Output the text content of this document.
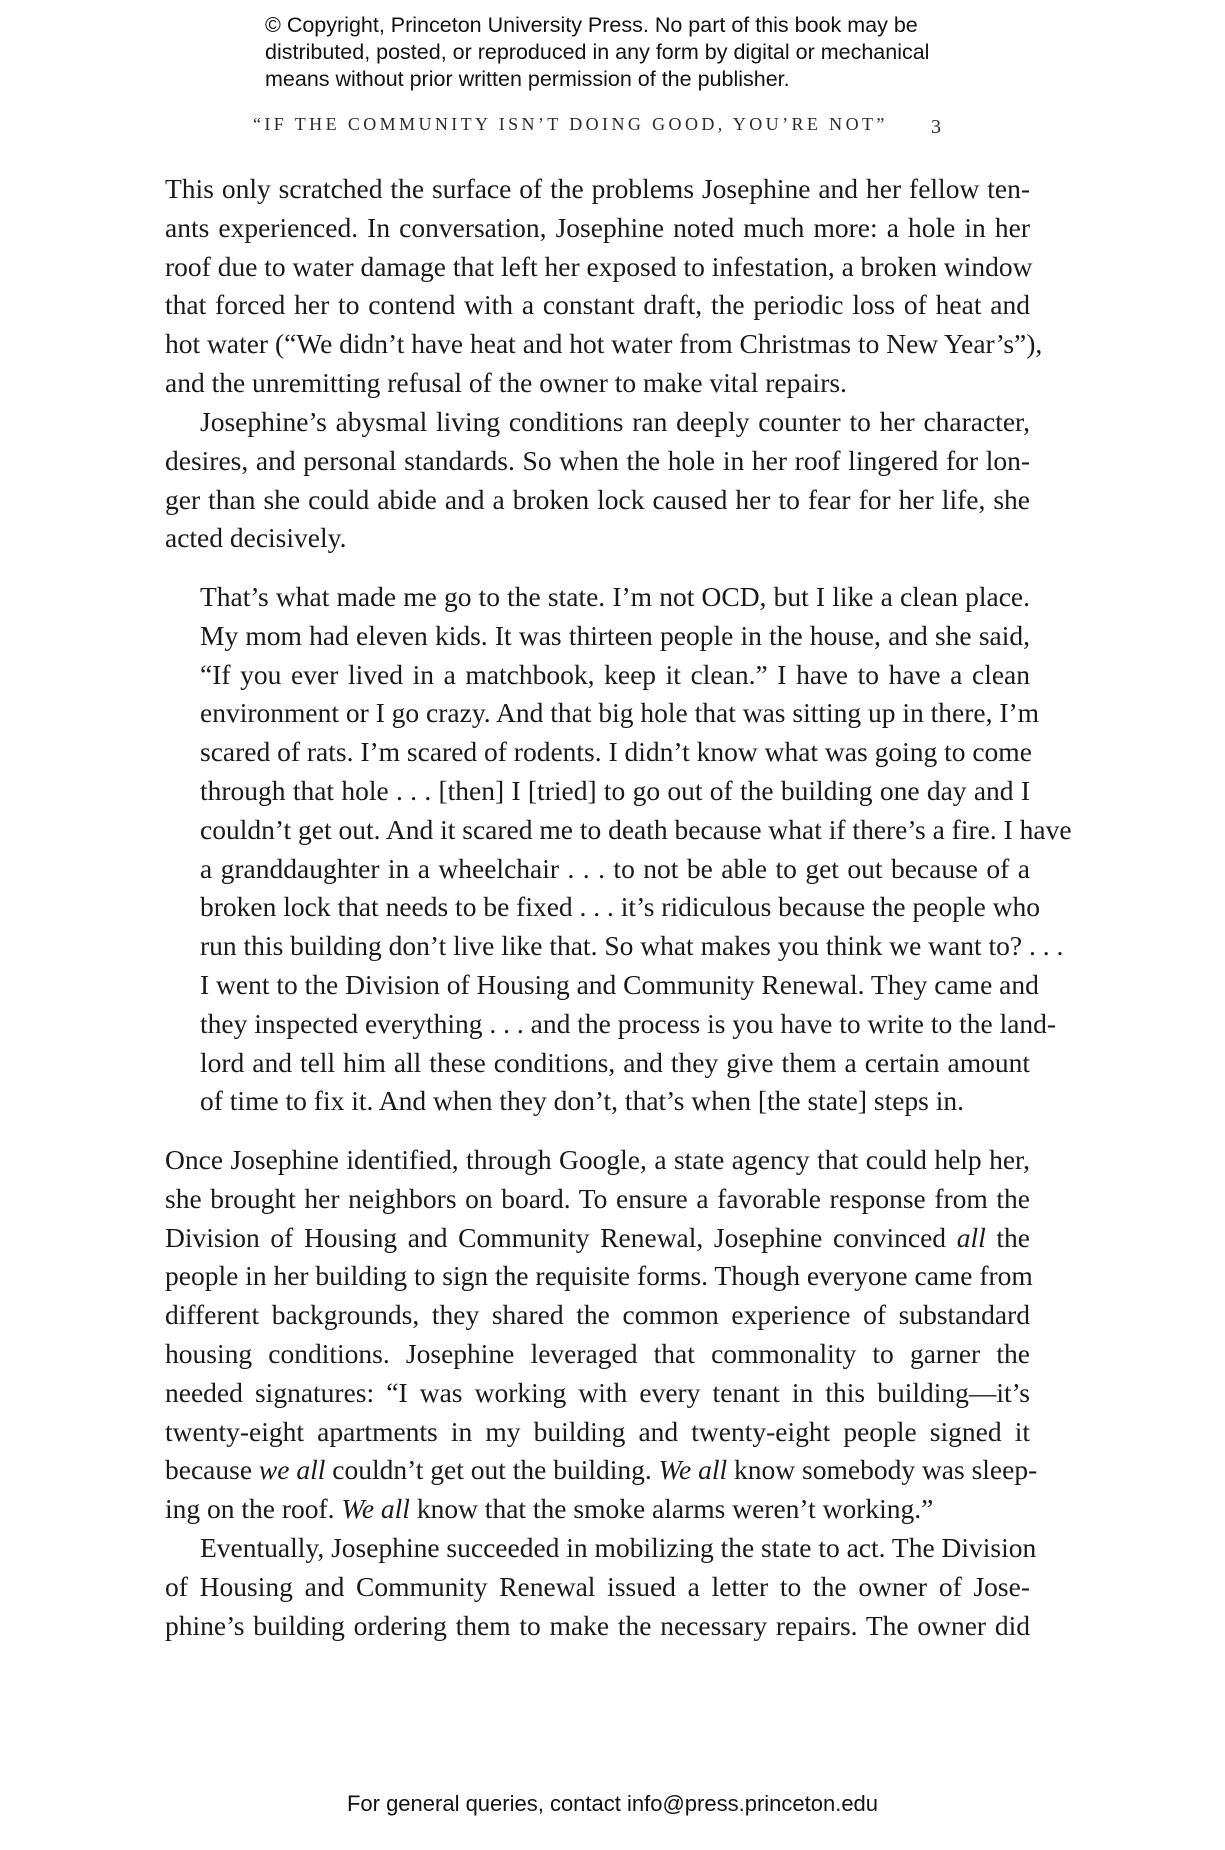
© Copyright, Princeton University Press. No part of this book may be
distributed, posted, or reproduced in any form by digital or mechanical
means without prior written permission of the publisher.
“IF THE COMMUNITY ISN’T DOING GOOD, YOU’RE NOT” 3
This only scratched the surface of the problems Josephine and her fellow ten-
ants experienced. In conversation, Josephine noted much more: a hole in her
roof due to water damage that left her exposed to infestation, a broken window
that forced her to contend with a constant draft, the periodic loss of heat and
hot water (“We didn’t have heat and hot water from Christmas to New Year’s”),
and the unremitting refusal of the owner to make vital repairs.
Josephine’s abysmal living conditions ran deeply counter to her character,
desires, and personal standards. So when the hole in her roof lingered for lon-
ger than she could abide and a broken lock caused her to fear for her life, she
acted decisively.
That’s what made me go to the state. I’m not OCD, but I like a clean place.
My mom had eleven kids. It was thirteen people in the house, and she said,
“If you ever lived in a matchbook, keep it clean.” I have to have a clean
environment or I go crazy. And that big hole that was sitting up in there, I’m
scared of rats. I’m scared of rodents. I didn’t know what was going to come
through that hole . . . [then] I [tried] to go out of the building one day and I
couldn’t get out. And it scared me to death because what if there’s a fire. I have
a granddaughter in a wheelchair . . . to not be able to get out because of a
broken lock that needs to be fixed . . . it’s ridiculous because the people who
run this building don’t live like that. So what makes you think we want to? . . .
I went to the Division of Housing and Community Renewal. They came and
they inspected everything . . . and the process is you have to write to the land-
lord and tell him all these conditions, and they give them a certain amount
of time to fix it. And when they don’t, that’s when [the state] steps in.
Once Josephine identified, through Google, a state agency that could help her,
she brought her neighbors on board. To ensure a favorable response from the
Division of Housing and Community Renewal, Josephine convinced all the
people in her building to sign the requisite forms. Though everyone came from
different backgrounds, they shared the common experience of substandard
housing conditions. Josephine leveraged that commonality to garner the
needed signatures: “I was working with every tenant in this building—it’s
twenty-eight apartments in my building and twenty-eight people signed it
because we all couldn’t get out the building. We all know somebody was sleep-
ing on the roof. We all know that the smoke alarms weren’t working.”
Eventually, Josephine succeeded in mobilizing the state to act. The Division
of Housing and Community Renewal issued a letter to the owner of Jose-
phine’s building ordering them to make the necessary repairs. The owner did
For general queries, contact info@press.princeton.edu
